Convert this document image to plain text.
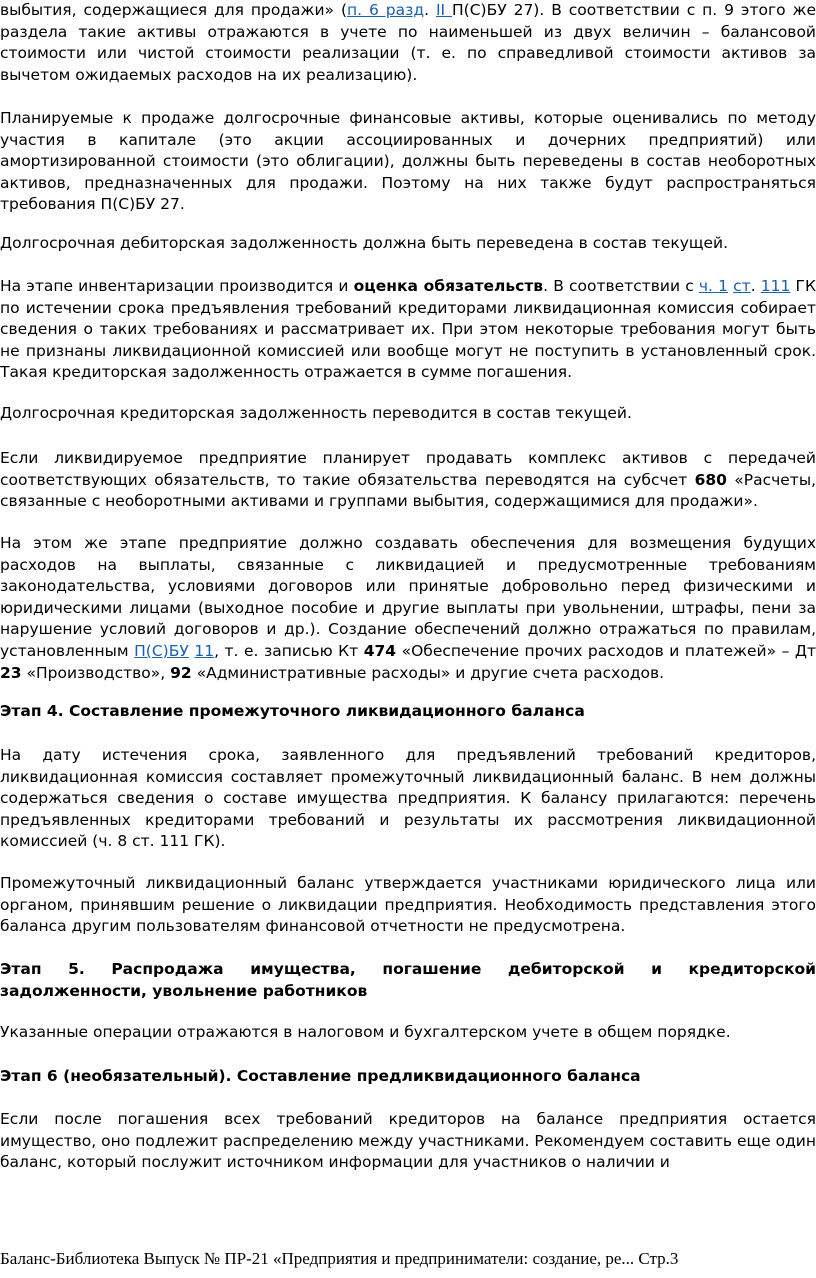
выбытия, содержащиеся для продажи» (п. 6 разд. II П(С)БУ 27). В соответствии с п. 9 этого же раздела такие активы отражаются в учете по наименьшей из двух величин – балансовой стоимости или чистой стоимости реализации (т. е. по справедливой стоимости активов за вычетом ожидаемых расходов на их реализацию).

Планируемые к продаже долгосрочные финансовые активы, которые оценивались по методу участия в капитале (это акции ассоциированных и дочерних предприятий) или амортизированной стоимости (это облигации), должны быть переведены в состав необоротных активов, предназначенных для продажи. Поэтому на них также будут распространяться требования П(С)БУ 27.

Долгосрочная дебиторская задолженность должна быть переведена в состав текущей.

На этапе инвентаризации производится и оценка обязательств. В соответствии с ч. 1 ст. 111 ГК по истечении срока предъявления требований кредиторами ликвидационная комиссия собирает сведения о таких требованиях и рассматривает их. При этом некоторые требования могут быть не признаны ликвидационной комиссией или вообще могут не поступить в установленный срок. Такая кредиторская задолженность отражается в сумме погашения.

Долгосрочная кредиторская задолженность переводится в состав текущей.

Если ликвидируемое предприятие планирует продавать комплекс активов с передачей соответствующих обязательств, то такие обязательства переводятся на субсчет 680 «Расчеты, связанные с необоротными активами и группами выбытия, содержащимися для продажи».

На этом же этапе предприятие должно создавать обеспечения для возмещения будущих расходов на выплаты, связанные с ликвидацией и предусмотренные требованиям законодательства, условиями договоров или принятые добровольно перед физическими и юридическими лицами (выходное пособие и другие выплаты при увольнении, штрафы, пени за нарушение условий договоров и др.). Создание обеспечений должно отражаться по правилам, установленным П(С)БУ 11, т. е. записью Кт 474 «Обеспечение прочих расходов и платежей» – Дт 23 «Производство», 92 «Административные расходы» и другие счета расходов.

Этап 4. Составление промежуточного ликвидационного баланса

На дату истечения срока, заявленного для предъявлений требований кредиторов, ликвидационная комиссия составляет промежуточный ликвидационный баланс. В нем должны содержаться сведения о составе имущества предприятия. К балансу прилагаются: перечень предъявленных кредиторами требований и результаты их рассмотрения ликвидационной комиссией (ч. 8 ст. 111 ГК).

Промежуточный ликвидационный баланс утверждается участниками юридического лица или органом, принявшим решение о ликвидации предприятия. Необходимость представления этого баланса другим пользователям финансовой отчетности не предусмотрена.

Этап 5. Распродажа имущества, погашение дебиторской и кредиторской задолженности, увольнение работников

Указанные операции отражаются в налоговом и бухгалтерском учете в общем порядке.

Этап 6 (необязательный). Составление предликвидационного баланса

Если после погашения всех требований кредиторов на балансе предприятия остается имущество, оно подлежит распределению между участниками. Рекомендуем составить еще один баланс, который послужит источником информации для участников о наличии и

Баланс-Библиотека Выпуск № ПР-21 «Предприятия и предприниматели: создание, ре... Стр.3
